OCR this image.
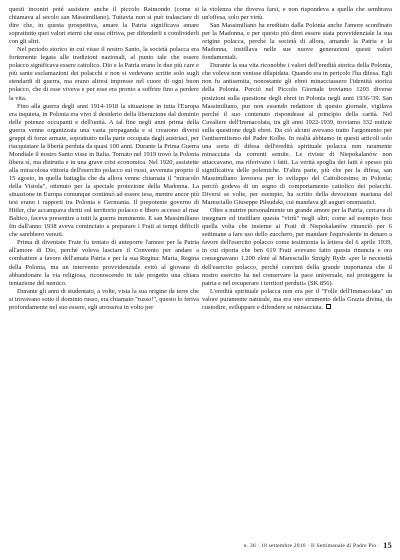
questi incontri poté assistere anche il piccolo Raimondo (come si chiamava al secolo san Massimiliano). Tuttavia non si può tralasciare di dire che, in questa prospettiva, amare la Patria significava amare soprattutto quei valori eterni che essa offriva, per difenderli e condividerli con gli altri.

Nel periodo storico in cui visse il nostro Santo, la società polacca era fortemente legata alle tradizioni nazionali, al punto tale che essere polacco significava essere cattolico. Dio e la Patria erano le due più care e più sante esclamazioni dei polacchi e non si vedevano scritte solo sugli stendardi di guerra, ma erano altresì impresse nel cuore di ogni buon polacco, che di esse viveva e per esse era pronto a soffrire fino a perdere la vita.

Fino alla guerra degli anni 1914-1918 la situazione in tutta l'Europa era inquieta, in Polonia era vivo il desiderio della liberazione dal dominio delle potenze occupanti e dell'unità. A tal fine negli anni prima della guerra venne organizzata una vasta propaganda e si crearono diversi gruppi di forze armate, soprattutto nella parte occupata dagli austriaci, per riacquistare la libertà perduta da quasi 100 anni. Durante la Prima Guerra Mondiale il nostro Santo visse in Italia. Tornato nel 1919 trovò la Polonia libera sì, ma distrutta e in una grave crisi economica. Nel 1920, assistette alla miracolosa vittoria dell'esercito polacco sui russi, avvenuta proprio il 15 agosto, in quella battaglia che da allora venne chiamata il "miracolo della Vistola", ottenuto per la speciale protezione della Madonna. La situazione in Europa comunque continuò ad essere tesa, mentre ancor più tesi erano i rapporti tra Polonia e Germania. Il prepotente governo di Hitler, che accampava diritti sul territorio polacco e libero accesso al mar Baltico, faceva presentire a tutti la guerra imminente. E san Massimiliano fin dall'anno 1938 aveva cominciato a preparare i Frati ai tempi difficili che sarebbero venuti.

Prima di diventare Frate fu tentato di anteporre l'amore per la Patria all'amore di Dio, perché voleva lasciare il Convento per andare a combattere a favore dell'amata Patria e per la sua Regina: Maria, Regina della Polonia, ma un intervento provvidenziale evitò al giovane di abbandonare la via religiosa, riconoscendo in tale progetto una chiara tentazione del nemico.

Durante gli anni di studentato, a volte, vista la sua origine da terre che si trovavano sotto il dominio russo, era chiamato "russo!", questo lo feriva profondamente nel suo essere, egli arrossiva in volto per

la violenza che doveva farsi, e non rispondeva a quella che sembrava un'offesa, solo per virtù.

San Massimiliano ha ereditato dalla Polonia anche l'amore sconfinato per la Madonna, e per questo più direi essere stata provvidenziale la sua origine polacca, perché la società di allora, amando la Patria e la Madonna, instillava nelle sue nuove generazioni questi valori fondamentali.

Durante la sua vita riconobbe i valori dell'eredità storica della Polonia, che voleva non venisse dilapidata. Quando era in pericolo l'ha difesa. Egli non fu antisemita, nonostante gli ebrei minacciassero l'identità storica della Polonia. Perciò nel Piccolo Giornale troviamo 1203 diverse posizioni sulla questione degli ebrei in Polonia negli anni 1936-'39. San Massimiliano, pur non essendo redattore di questo giornale, vigilava perché il suo contenuto rispondesse al principio della carità. Nel Cavaliere dell'Immacolata, tra gli anni 1922-1939, troviamo 332 notizie sulla questione degli ebrei. Da ciò alcuni avevano tratto l'argomento per l'antisemitismo del Padre Kolbe. In realtà abbiamo in questi articoli solo una sorta di difesa dell'eredità spirituale polacca non raramente minacciata da correnti semite. Le riviste di Niepokalanów non attaccavano, ma riferivano i fatti. La verità spoglia dei fatti è spesso più significativa delle polemiche. D'altra parte, più che per la difesa, san Massimiliano lavorava per lo sviluppo del Cattolicesimo in Polonia; perciò godeva di un segno di comportamento cattolico dei polacchi. Diversi se volte, per esempio, ha scritto della devozione mariana del Maresciallo Giuseppe Piłsudski, cui mandava gli auguri onomastici.

Oltre a nutrire personalmente un grande amore per la Patria, cercava di insegnare ed instillare questa "virtù" negli altri; come ad esempio fece quella volta che insieme ai Frati di Niepokalanów rinunciò per 6 settimane a fare uso dello zucchero, per mandare l'equivalente in denaro a favore dell'esercito polacco come testimonia la lettera del 6 aprile 1939, in cui riporta che ben 619 Frati avevano fatto questa rinuncia e ora consegnavano 1.200 zloté al Maresciallo Śmigły Rydz «per le necessità dell'esercito polacco, perché convinti della grande importanza che il nostro esercito ha nel conservare la pace universale, nel proteggere la patria e nel recuperare i territori perduti» (SK 856).

L'eredità spirituale polacca non era per il "Folle dell'Immacolata" un valore puramente naturale, ma era uno strumento della Grazia divina, da custodire, sviluppare e difendere se minacciata.

n. 36 · 18 settembre 2016 · Il Settimanale di Padre Pio · 15
